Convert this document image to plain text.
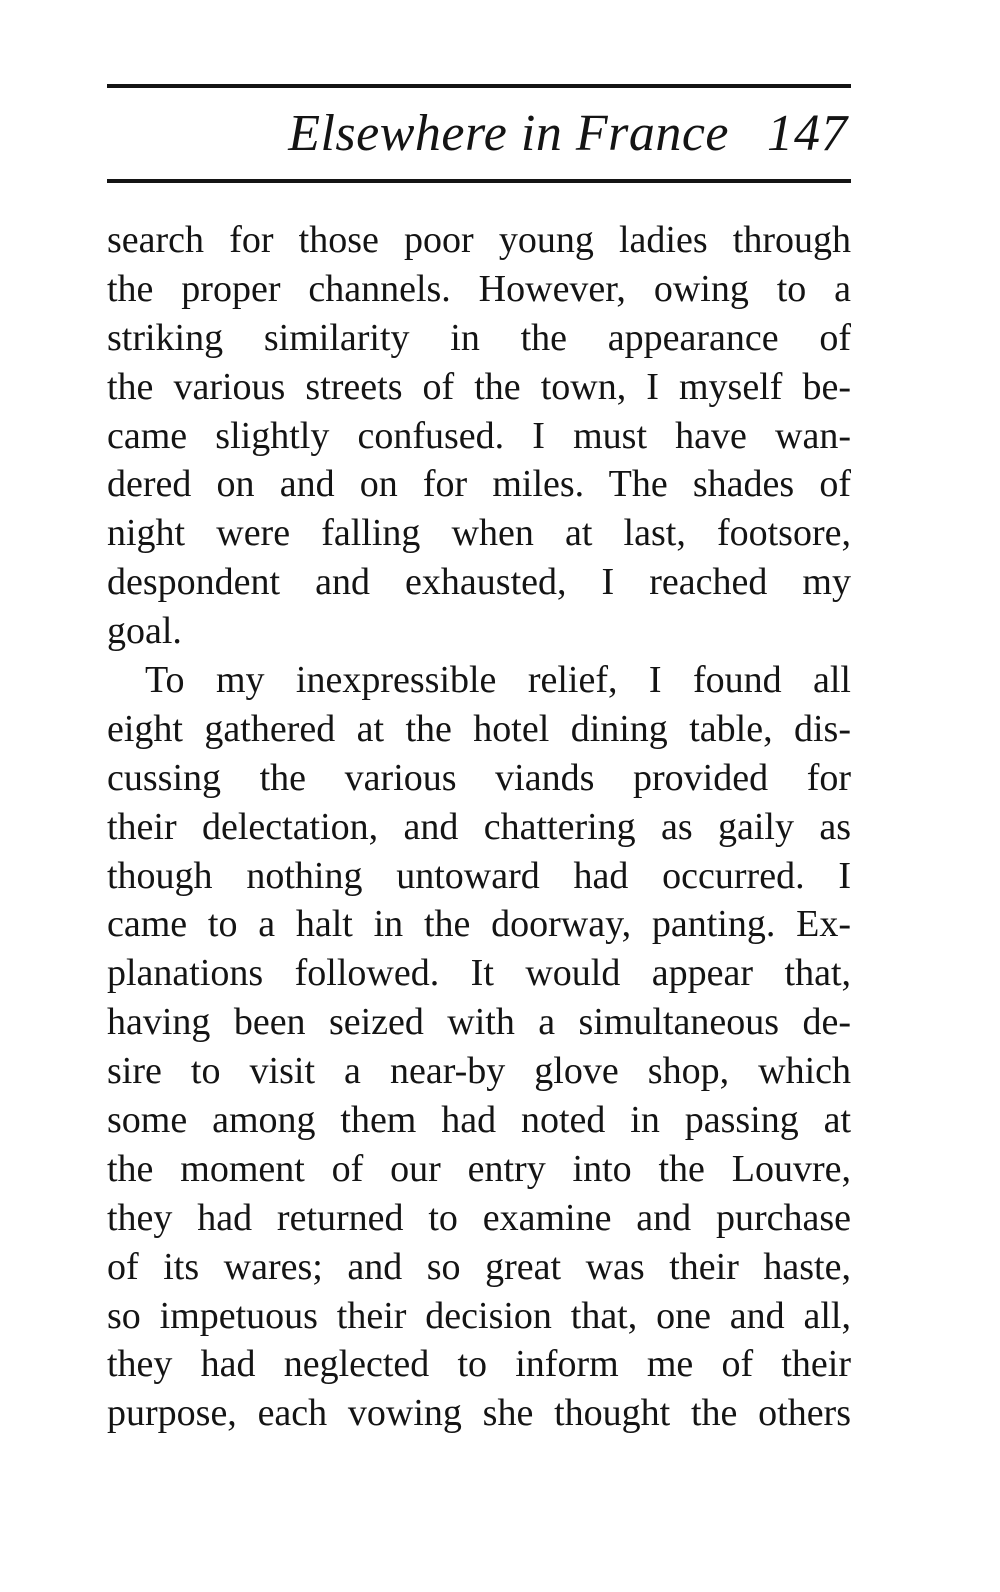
Elsewhere in France 147
search for those poor young ladies through
the proper channels. However, owing to a
striking similarity in the appearance of
the various streets of the town, I myself be-
came slightly confused. I must have wan-
dered on and on for miles. The shades of
night were falling when at last, footsore,
despondent and exhausted, I reached my
goal.
To my inexpressible relief, I found all
eight gathered at the hotel dining table, dis-
cussing the various viands provided for
their delectation, and chattering as gaily as
though nothing untoward had occurred. I
came to a halt in the doorway, panting. Ex-
planations followed. It would appear that,
having been seized with a simultaneous de-
sire to visit a near-by glove shop, which
some among them had noted in passing at
the moment of our entry into the Louvre,
they had returned to examine and purchase
of its wares; and so great was their haste,
so impetuous their decision that, one and all,
they had neglected to inform me of their
purpose, each vowing she thought the others
